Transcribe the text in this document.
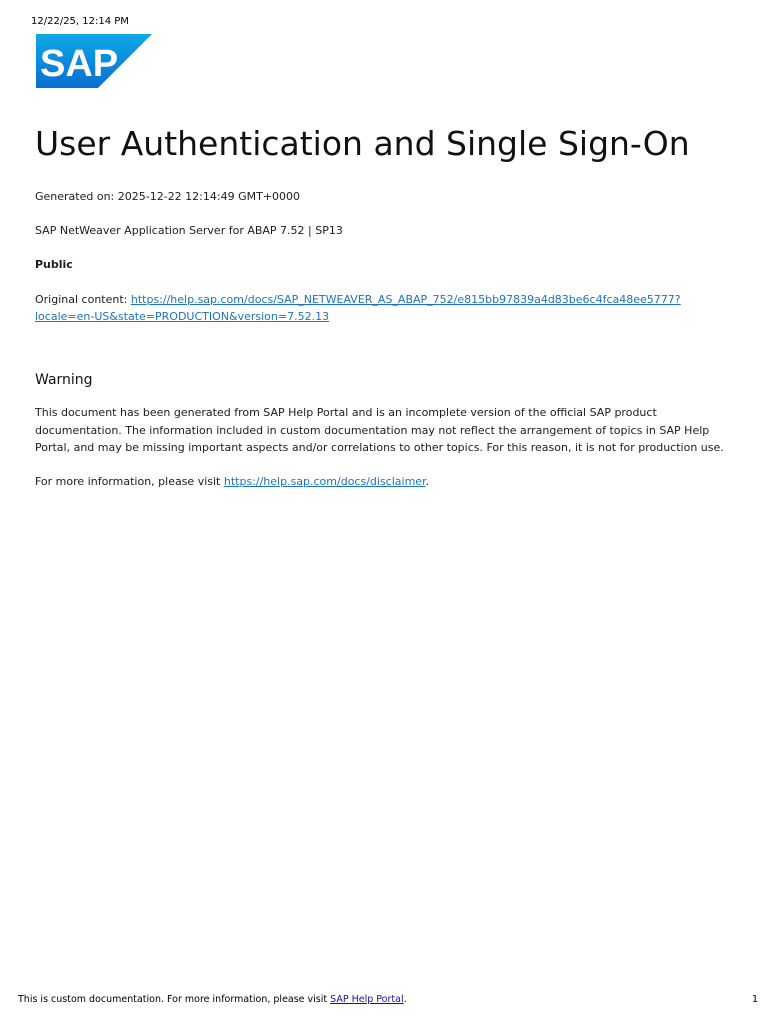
12/22/25, 12:14 PM
SAP
User Authentication and Single Sign-On
Generated on: 2025-12-22 12:14:49 GMT+0000
SAP NetWeaver Application Server for ABAP 7.52 | SP13
Public
Original content: https://help.sap.com/docs/SAP_NETWEAVER_AS_ABAP_752/e815bb97839a4d83be6c4fca48ee5777?
locale=en-US&state=PRODUCTION&version=7.52.13
Warning

This document has been generated from SAP Help Portal and is an incomplete version of the official SAP product documentation. The information included in custom documentation may not reflect the arrangement of topics in SAP Help Portal, and may be missing important aspects and/or correlations to other topics. For this reason, it is not for production use.

For more information, please visit https://help.sap.com/docs/disclaimer.
This is custom documentation. For more information, please visit SAP Help Portal.	1
